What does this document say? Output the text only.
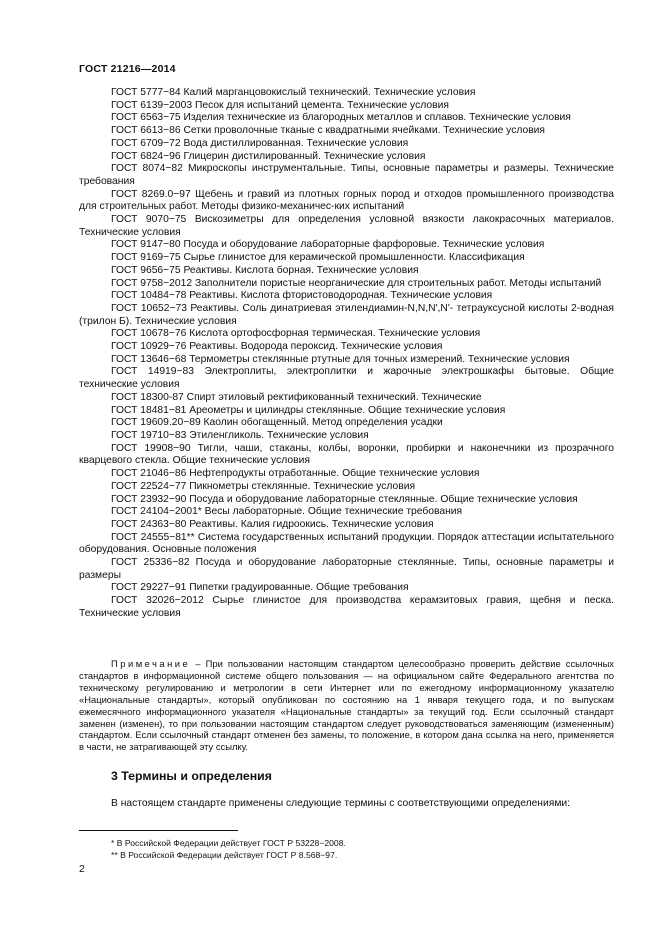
ГОСТ 21216—2014
ГОСТ 5777−84 Калий марганцовокислый технический. Технические условия
ГОСТ 6139−2003 Песок для испытаний цемента. Технические условия
ГОСТ 6563−75 Изделия технические из благородных металлов и сплавов. Технические условия
ГОСТ 6613−86 Сетки проволочные тканые с квадратными ячейками. Технические условия
ГОСТ 6709−72 Вода дистиллированная. Технические условия
ГОСТ 6824−96 Глицерин дистилированный. Технические условия
ГОСТ 8074−82 Микроскопы инструментальные. Типы, основные параметры и размеры. Технические требования
ГОСТ 8269.0−97 Щебень и гравий из плотных горных пород и отходов промышленного производства для строительных работ. Методы физико-механичес-ких испытаний
ГОСТ 9070−75 Вискозиметры для определения условной вязкости лакокрасочных материалов. Технические условия
ГОСТ 9147−80 Посуда и оборудование лабораторные фарфоровые. Технические условия
ГОСТ 9169−75 Сырье глинистое для керамической промышленности. Классификация
ГОСТ 9656−75 Реактивы. Кислота борная. Технические условия
ГОСТ 9758−2012 Заполнители пористые неорганические для строительных работ. Методы испытаний
ГОСТ 10484−78 Реактивы. Кислота фтористоводородная. Технические условия
ГОСТ 10652−73 Реактивы. Соль динатриевая этилендиамин-N,N,N',N'- тетрауксусной кислоты 2-водная (трилон Б). Технические условия
ГОСТ 10678−76 Кислота ортофосфорная термическая. Технические условия
ГОСТ 10929−76 Реактивы. Водорода пероксид. Технические условия
ГОСТ 13646−68 Термометры стеклянные ртутные для точных измерений. Технические условия
ГОСТ 14919−83 Электроплиты, электроплитки и жарочные электрошкафы бытовые. Общие технические условия
ГОСТ 18300-87 Спирт этиловый ректификованный технический. Технические
ГОСТ 18481−81 Ареометры и цилиндры стеклянные. Общие технические условия
ГОСТ 19609.20−89 Каолин обогащенный. Метод определения усадки
ГОСТ 19710−83 Этиленгликоль. Технические условия
ГОСТ 19908−90 Тигли, чаши, стаканы, колбы, воронки, пробирки и наконечники из прозрачного кварцевого стекла. Общие технические условия
ГОСТ 21046−86 Нефтепродукты отработанные. Общие технические условия
ГОСТ 22524−77 Пикнометры стеклянные. Технические условия
ГОСТ 23932−90 Посуда и оборудование лабораторные стеклянные. Общие технические условия
ГОСТ 24104−2001* Весы лабораторные. Общие технические требования
ГОСТ 24363−80 Реактивы. Калия гидроокись. Технические условия
ГОСТ 24555−81** Система государственных испытаний продукции. Порядок аттестации испытательного оборудования. Основные положения
ГОСТ 25336−82 Посуда и оборудование лабораторные стеклянные. Типы, основные параметры и размеры
ГОСТ 29227−91 Пипетки градуированные. Общие требования
ГОСТ 32026−2012 Сырье глинистое для производства керамзитовых гравия, щебня и песка. Технические условия
Примечание – При пользовании настоящим стандартом целесообразно проверить действие ссылочных стандартов в информационной системе общего пользования — на официальном сайте Федерального агентства по техническому регулированию и метрологии в сети Интернет или по ежегодному информационному указателю «Национальные стандарты», который опубликован по состоянию на 1 января текущего года, и по выпускам ежемесячного информационного указателя «Национальные стандарты» за текущий год. Если ссылочный стандарт заменен (изменен), то при пользовании настоящим стандартом следует руководствоваться заменяющим (измененным) стандартом. Если ссылочный стандарт отменен без замены, то положение, в котором дана ссылка на него, применяется в части, не затрагивающей эту ссылку.
3 Термины и определения
В настоящем стандарте применены следующие термины с соответствующими определениями:
* В Российской Федерации действует ГОСТ Р 53228−2008.
** В Российской Федерации действует ГОСТ Р 8.568−97.
2
